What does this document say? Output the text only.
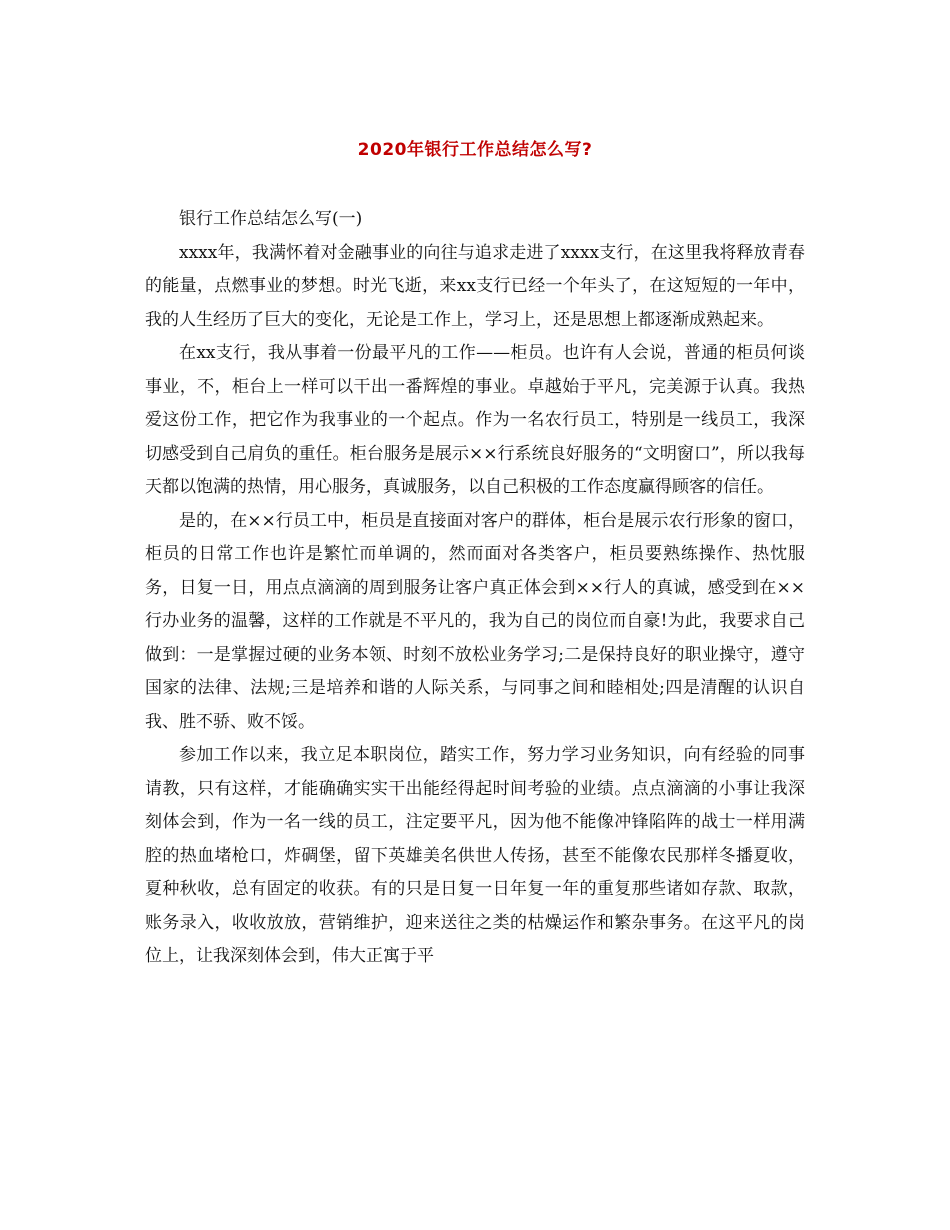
2020年银行工作总结怎么写?

银行工作总结怎么写(一)

xxxx年，我满怀着对金融事业的向往与追求走进了xxxx支行，在这里我将释放青春的能量，点燃事业的梦想。时光飞逝，来xx支行已经一个年头了，在这短短的一年中，我的人生经历了巨大的变化，无论是工作上，学习上，还是思想上都逐渐成熟起来。

在xx支行，我从事着一份最平凡的工作——柜员。也许有人会说，普通的柜员何谈事业，不，柜台上一样可以干出一番辉煌的事业。卓越始于平凡，完美源于认真。我热爱这份工作，把它作为我事业的一个起点。作为一名农行员工，特别是一线员工，我深切感受到自己肩负的重任。柜台服务是展示××行系统良好服务的“文明窗口”，所以我每天都以饱满的热情，用心服务，真诚服务，以自己积极的工作态度赢得顾客的信任。

是的，在××行员工中，柜员是直接面对客户的群体，柜台是展示农行形象的窗口，柜员的日常工作也许是繁忙而单调的，然而面对各类客户，柜员要熟练操作、热忱服务，日复一日，用点点滴滴的周到服务让客户真正体会到××行人的真诚，感受到在××行办业务的温馨，这样的工作就是不平凡的，我为自己的岗位而自豪!为此，我要求自己做到：一是掌握过硬的业务本领、时刻不放松业务学习;二是保持良好的职业操守，遵守国家的法律、法规;三是培养和谐的人际关系，与同事之间和睦相处;四是清醒的认识自我、胜不骄、败不馁。

参加工作以来，我立足本职岗位，踏实工作，努力学习业务知识，向有经验的同事请教，只有这样，才能确确实实干出能经得起时间考验的业绩。点点滴滴的小事让我深刻体会到，作为一名一线的员工，注定要平凡，因为他不能像冲锋陷阵的战士一样用满腔的热血堵枪口，炸碉堡，留下英雄美名供世人传扬，甚至不能像农民那样冬播夏收，夏种秋收，总有固定的收获。有的只是日复一日年复一年的重复那些诸如存款、取款，账务录入，收收放放，营销维护，迎来送往之类的枯燥运作和繁杂事务。在这平凡的岗位上，让我深刻体会到，伟大正寓于平
